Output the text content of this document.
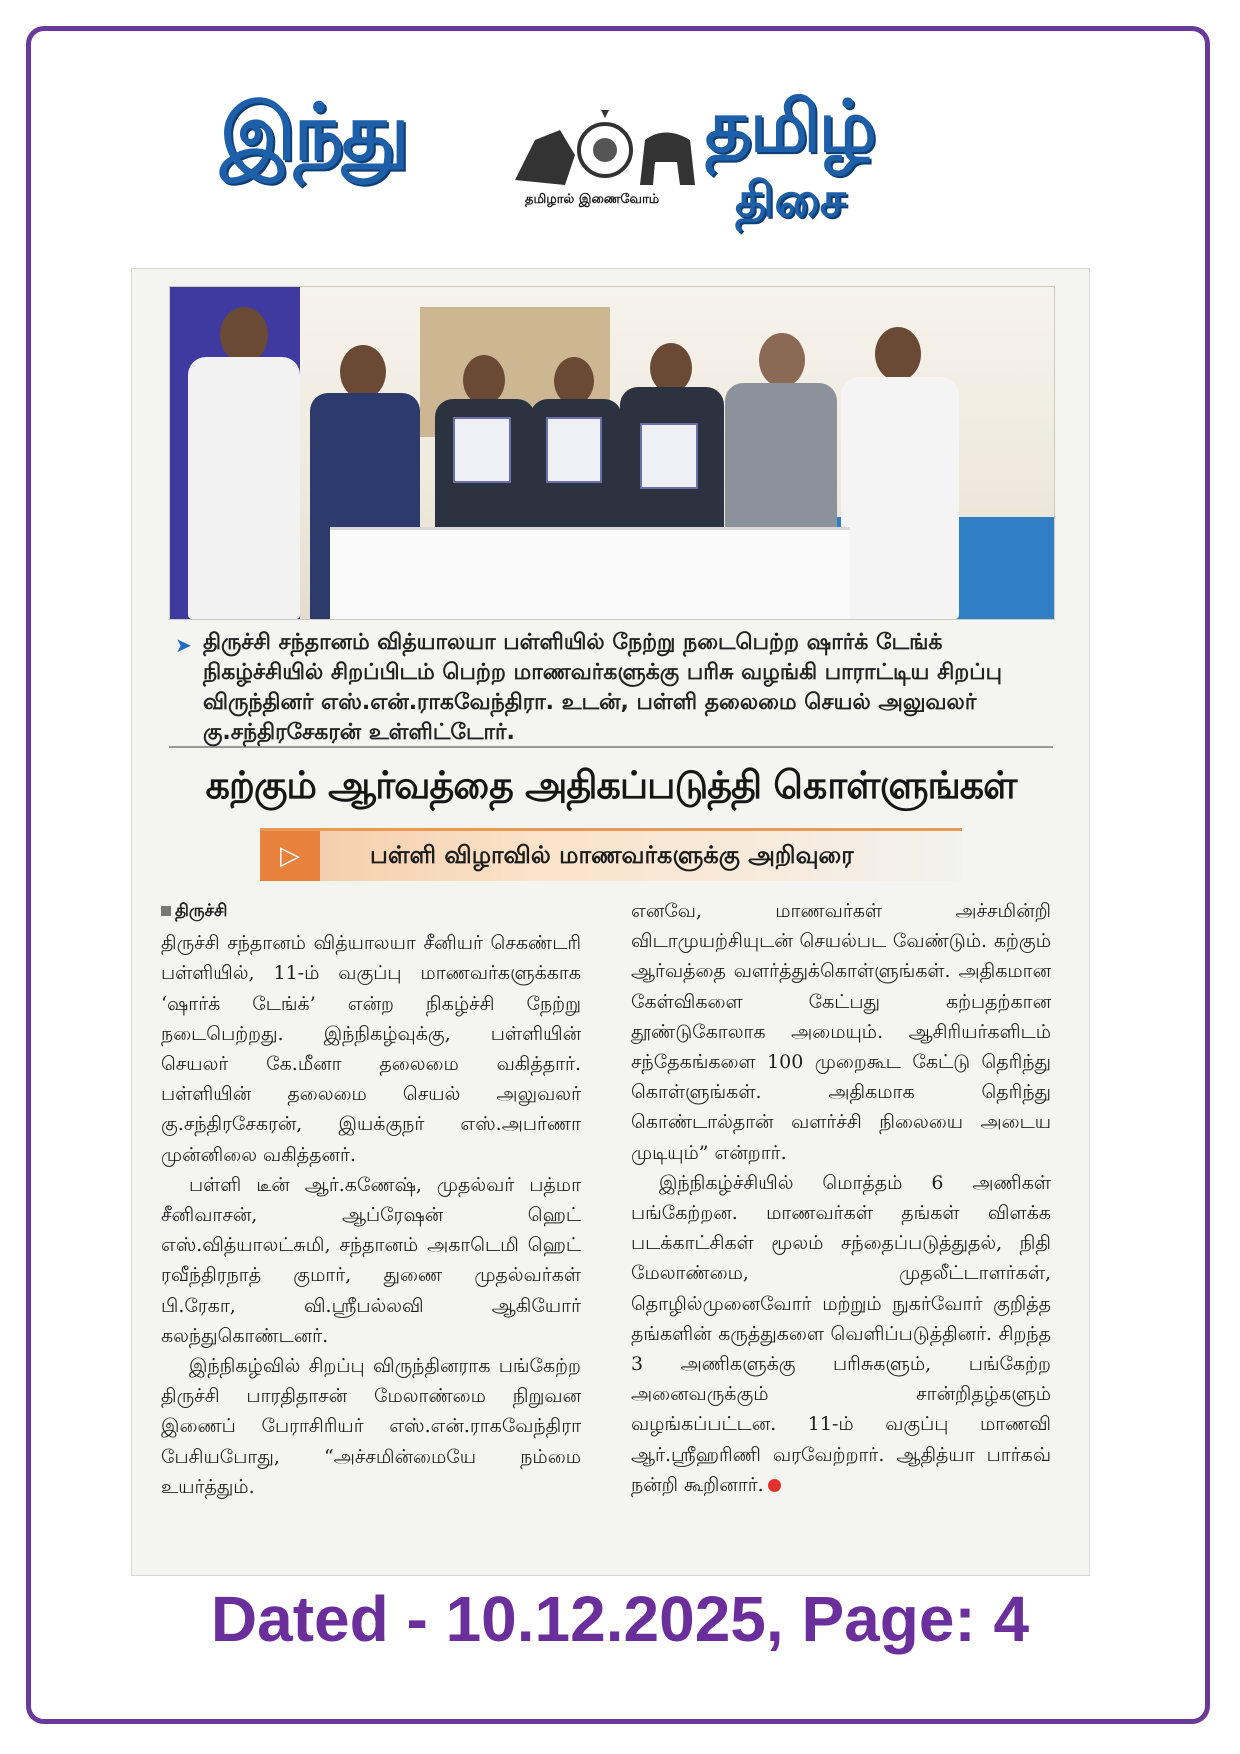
இந்து
தமிழால் இணைவோம்
தமிழ்
திசை
➤ திருச்சி சந்தானம் வித்யாலயா பள்ளியில் நேற்று நடைபெற்ற ஷார்க் டேங்க் நிகழ்ச்சியில் சிறப்பிடம் பெற்ற மாணவர்களுக்கு பரிசு வழங்கி பாராட்டிய சிறப்பு விருந்தினர் எஸ்.என்.ராகவேந்திரா. உடன், பள்ளி தலைமை செயல் அலுவலர் கு.சந்திரசேகரன் உள்ளிட்டோர்.
கற்கும் ஆர்வத்தை அதிகப்படுத்தி கொள்ளுங்கள்
▷	பள்ளி விழாவில் மாணவர்களுக்கு அறிவுரை
திருச்சி

திருச்சி சந்தானம் வித்யாலயா சீனியர் செகண்டரி பள்ளியில், 11-ம் வகுப்பு மாணவர்களுக்காக ‘ஷார்க் டேங்க்’ என்ற நிகழ்ச்சி நேற்று நடைபெற்றது. இந்நிகழ்வுக்கு, பள்ளியின் செயலர் கே.மீனா தலைமை வகித்தார். பள்ளியின் தலைமை செயல் அலுவலர் கு.சந்திரசேகரன், இயக்குநர் எஸ்.அபர்ணா முன்னிலை வகித்தனர்.

பள்ளி டீன் ஆர்.கணேஷ், முதல்வர் பத்மா சீனிவாசன், ஆப்ரேஷன் ஹெட் எஸ்.வித்யாலட்சுமி, சந்தானம் அகாடெமி ஹெட் ரவீந்திரநாத் குமார், துணை முதல்வர்கள் பி.ரேகா, வி.ஸ்ரீபல்லவி ஆகியோர் கலந்துகொண்டனர்.

இந்நிகழ்வில் சிறப்பு விருந்தினராக பங்கேற்ற திருச்சி பாரதிதாசன் மேலாண்மை நிறுவன இணைப் பேராசிரியர் எஸ்.என்.ராகவேந்திரா பேசியபோது, “அச்சமின்மையே நம்மை உயர்த்தும்.

எனவே, மாணவர்கள் அச்சமின்றி விடாமுயற்சியுடன் செயல்பட வேண்டும். கற்கும் ஆர்வத்தை வளர்த்துக்கொள்ளுங்கள். அதிகமான கேள்விகளை கேட்பது கற்பதற்கான தூண்டுகோலாக அமையும். ஆசிரியர்களிடம் சந்தேகங்களை 100 முறைகூட கேட்டு தெரிந்து கொள்ளுங்கள். அதிகமாக தெரிந்து கொண்டால்தான் வளர்ச்சி நிலையை அடைய முடியும்” என்றார்.

இந்நிகழ்ச்சியில் மொத்தம் 6 அணிகள் பங்கேற்றன. மாணவர்கள் தங்கள் விளக்க படக்காட்சிகள் மூலம் சந்தைப்படுத்துதல், நிதி மேலாண்மை, முதலீட்டாளர்கள், தொழில்முனைவோர் மற்றும் நுகர்வோர் குறித்த தங்களின் கருத்துகளை வெளிப்படுத்தினர். சிறந்த 3 அணிகளுக்கு பரிசுகளும், பங்கேற்ற அனைவருக்கும் சான்றிதழ்களும் வழங்கப்பட்டன. 11-ம் வகுப்பு மாணவி ஆர்.ஸ்ரீஹரிணி வரவேற்றார். ஆதித்யா பார்கவ் நன்றி கூறினார்.

Dated - 10.12.2025, Page: 4
